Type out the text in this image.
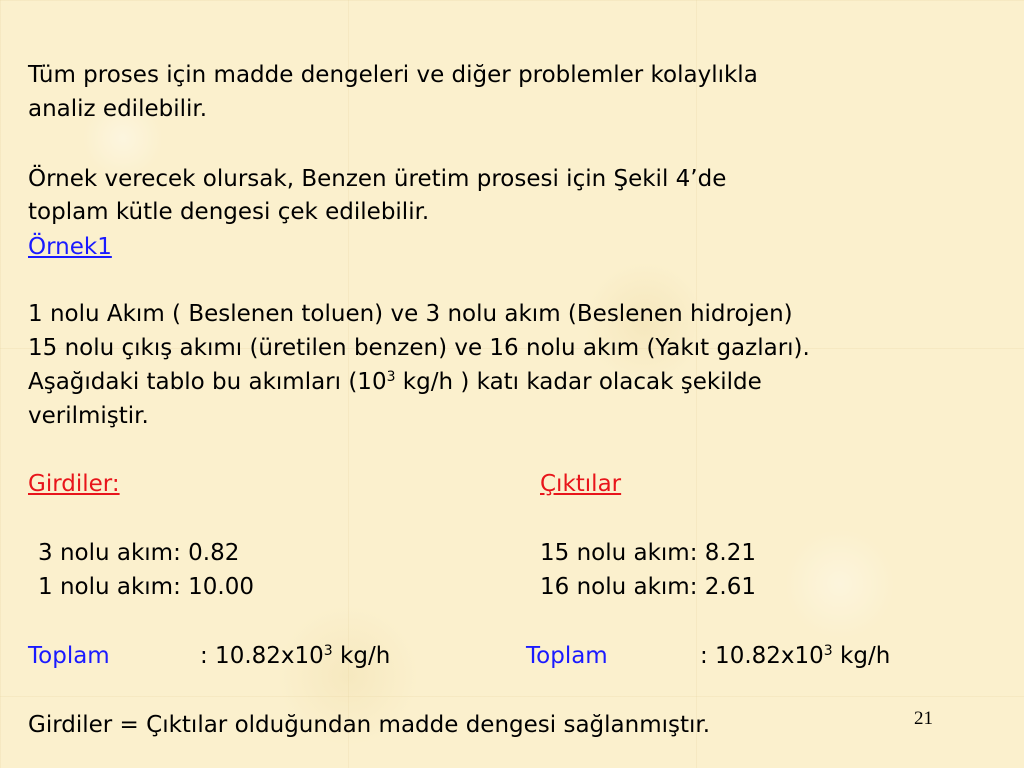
Tüm proses için madde dengeleri ve diğer problemler kolaylıkla
analiz edilebilir.
Örnek verecek olursak, Benzen üretim prosesi için Şekil 4’de
toplam kütle dengesi çek edilebilir.
Örnek1
1 nolu Akım ( Beslenen toluen) ve 3 nolu akım (Beslenen hidrojen)
15 nolu çıkış akımı (üretilen benzen) ve 16 nolu akım (Yakıt gazları).
Aşağıdaki tablo bu akımları ($10^3$ kg/h ) katı kadar olacak şekilde
verilmiştir.
Girdiler:	Çıktılar
3 nolu akım: 0.82	15 nolu akım: 8.21
1 nolu akım: 10.00	16 nolu akım: 2.61
Toplam	: $10.82x10^3$ kg/h	Toplam	: $10.82x10^3$ kg/h
Girdiler = Çıktılar olduğundan madde dengesi sağlanmıştır.	21
